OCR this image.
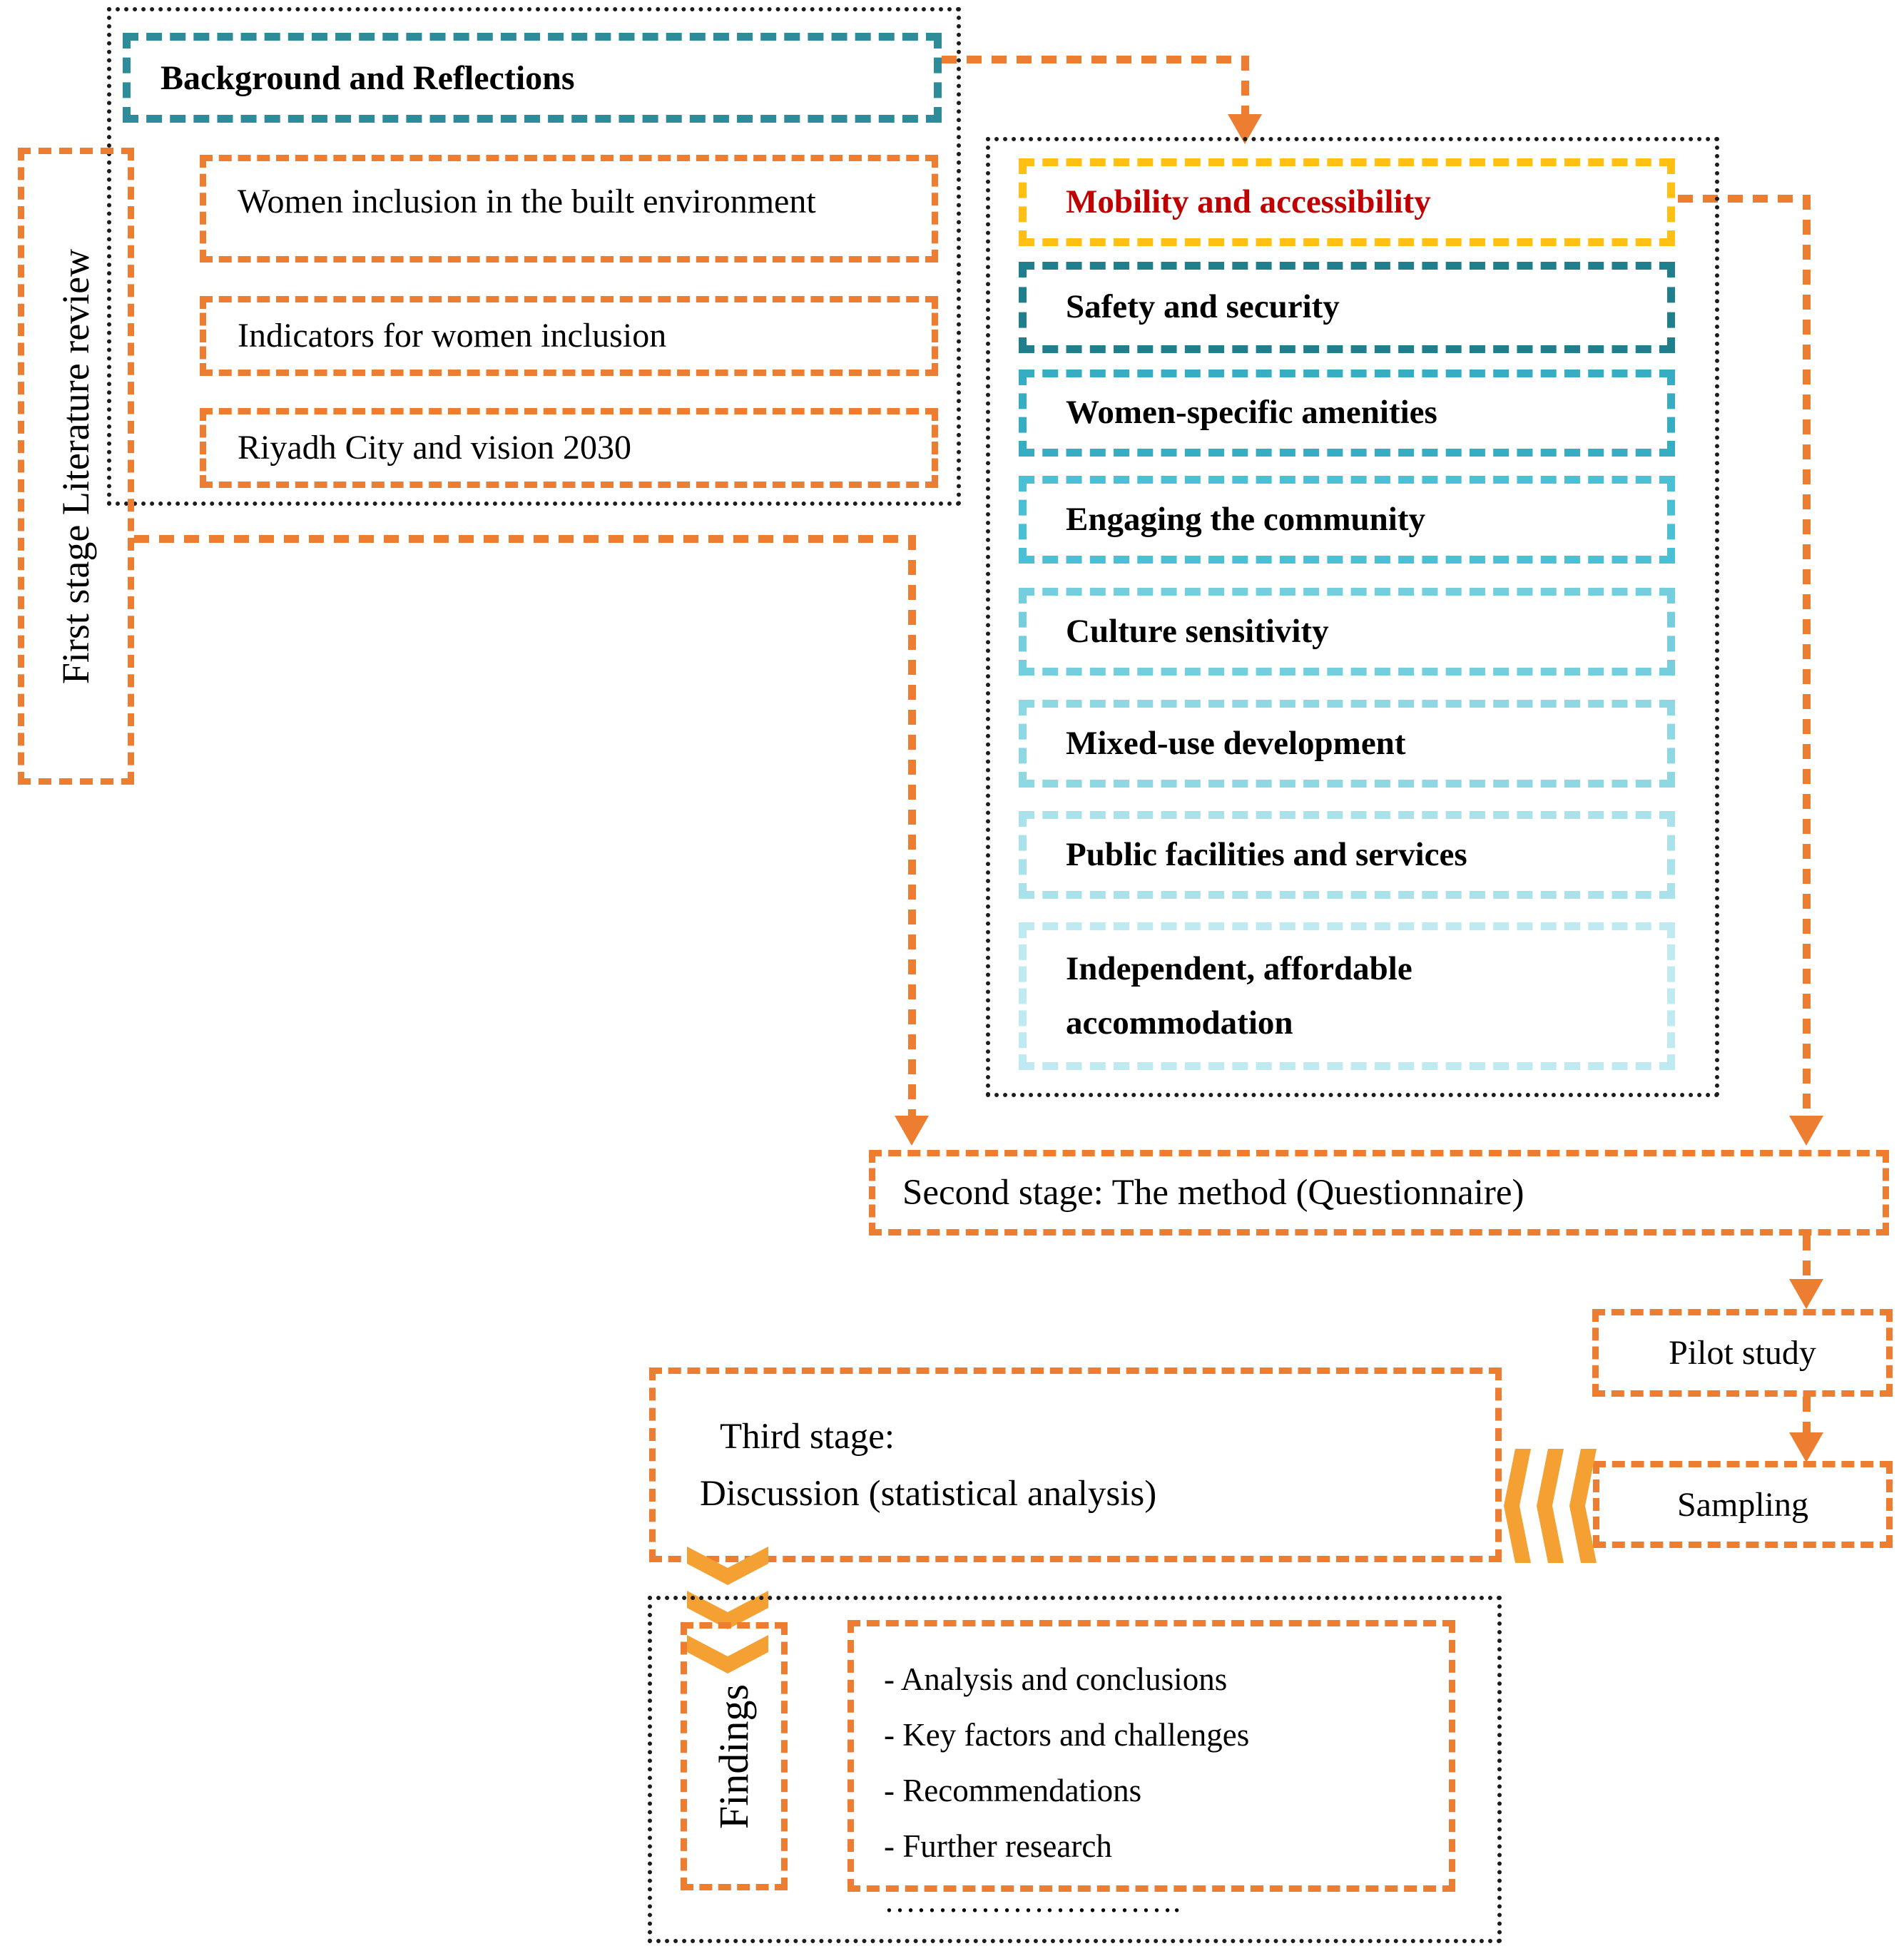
Background and Reflections
Women inclusion in the built environment
Indicators for women inclusion
Riyadh City and vision 2030
First stage Literature review
Mobility and accessibility
Safety and security
Women-specific amenities
Engaging the community
Culture sensitivity
Mixed-use development
Public facilities and services
Independent, affordable accommodation
Second stage: The method (Questionnaire)
Pilot study
Sampling
Third stage:
Discussion (statistical analysis)
Findings
- Analysis and conclusions
- Key factors and challenges
- Recommendations
- Further research
……………………….
